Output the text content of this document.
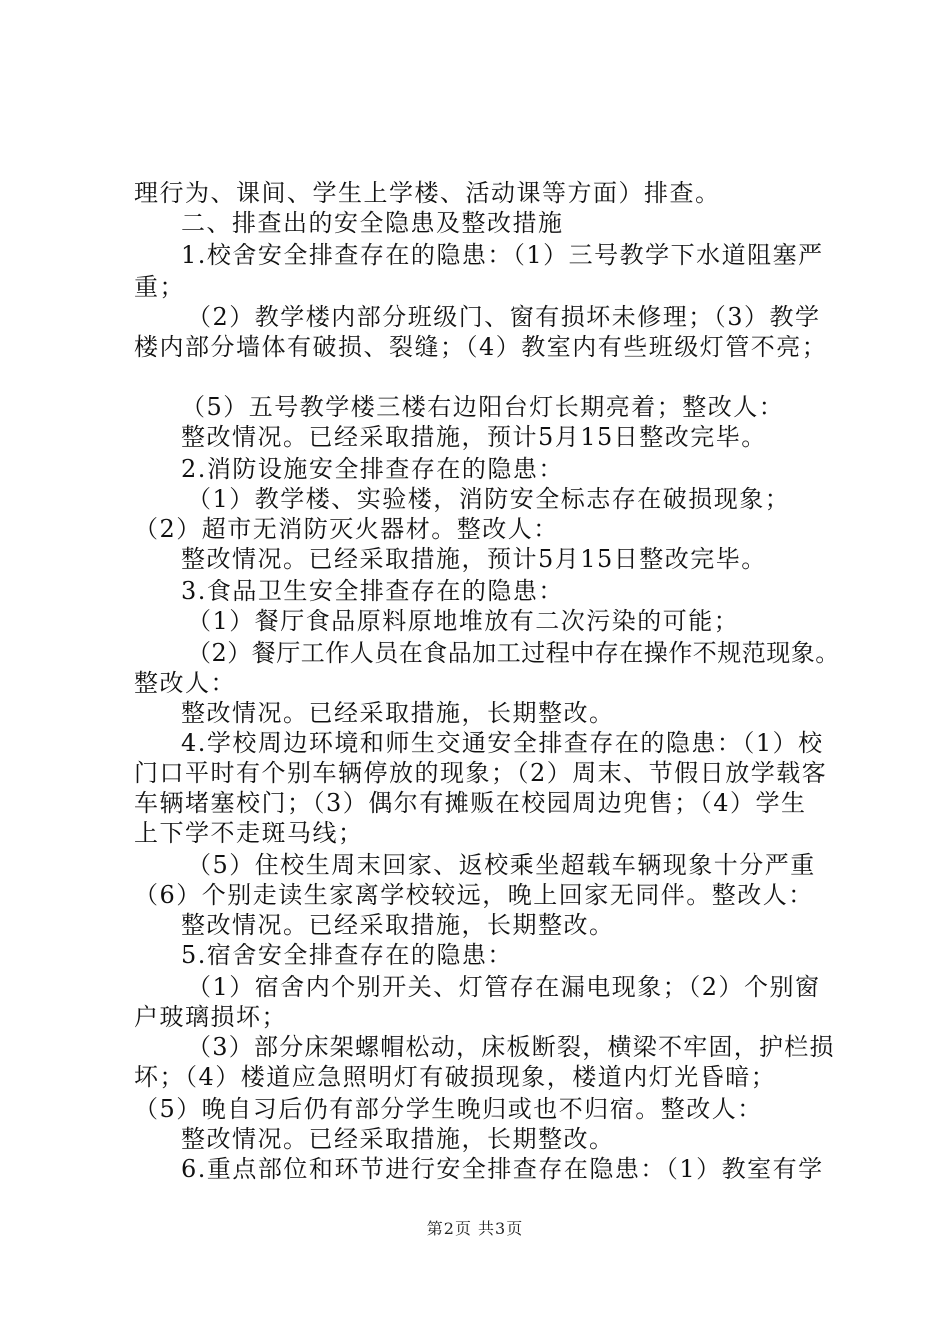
理行为、课间、学生上学楼、活动课等方面）排查。
二、排查出的安全隐患及整改措施
1.校舍安全排查存在的隐患：（1）三号教学下水道阻塞严
重；
（2）教学楼内部分班级门、窗有损坏未修理；（3）教学
楼内部分墙体有破损、裂缝；（4）教室内有些班级灯管不亮；
（5）五号教学楼三楼右边阳台灯长期亮着；整改人：
整改情况。已经采取措施，预计5月15日整改完毕。
2.消防设施安全排查存在的隐患：
（1）教学楼、实验楼，消防安全标志存在破损现象；
（2）超市无消防灭火器材。整改人：
整改情况。已经采取措施，预计5月15日整改完毕。
3.食品卫生安全排查存在的隐患：
（1）餐厅食品原料原地堆放有二次污染的可能；
（2）餐厅工作人员在食品加工过程中存在操作不规范现象。
整改人：
整改情况。已经采取措施，长期整改。
4.学校周边环境和师生交通安全排查存在的隐患：（1）校
门口平时有个别车辆停放的现象；（2）周末、节假日放学载客
车辆堵塞校门；（3）偶尔有摊贩在校园周边兜售；（4）学生
上下学不走斑马线；
（5）住校生周末回家、返校乘坐超载车辆现象十分严重
（6）个别走读生家离学校较远，晚上回家无同伴。整改人：
整改情况。已经采取措施，长期整改。
5.宿舍安全排查存在的隐患：
（1）宿舍内个别开关、灯管存在漏电现象；（2）个别窗
户玻璃损坏；
（3）部分床架螺帽松动，床板断裂，横梁不牢固，护栏损
坏；（4）楼道应急照明灯有破损现象，楼道内灯光昏暗；
（5）晚自习后仍有部分学生晚归或也不归宿。整改人：
整改情况。已经采取措施，长期整改。
6.重点部位和环节进行安全排查存在隐患：（1）教室有学
第2页 共3页
